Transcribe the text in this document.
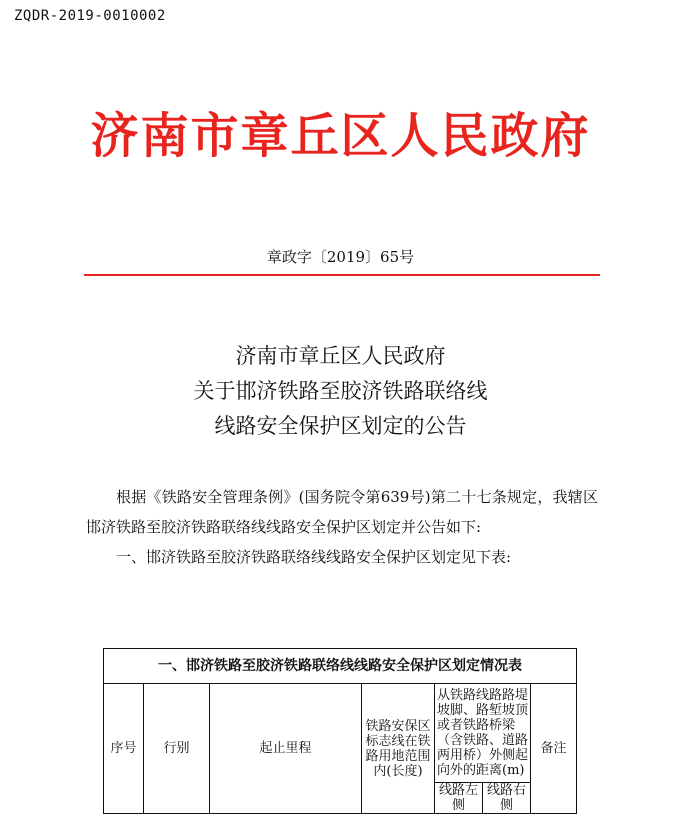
ZQDR-2019-0010002
济南市章丘区人民政府
章政字〔2019〕65号
济南市章丘区人民政府
关于邯济铁路至胶济铁路联络线
线路安全保护区划定的公告

根据《铁路安全管理条例》(国务院令第639号)第二十七条规定，我辖区邯济铁路至胶济铁路联络线线路安全保护区划定并公告如下:

一、邯济铁路至胶济铁路联络线线路安全保护区划定见下表:

一、邯济铁路至胶济铁路联络线线路安全保护区划定情况表						
序号	行别	起止里程	铁路安保区标志线在铁路用地范围内(长度)	从铁路线路路堤坡脚、路堑坡顶或者铁路桥梁（含铁路、道路两用桥）外侧起向外的距离(m)		备注
				线路左侧	线路右侧	
